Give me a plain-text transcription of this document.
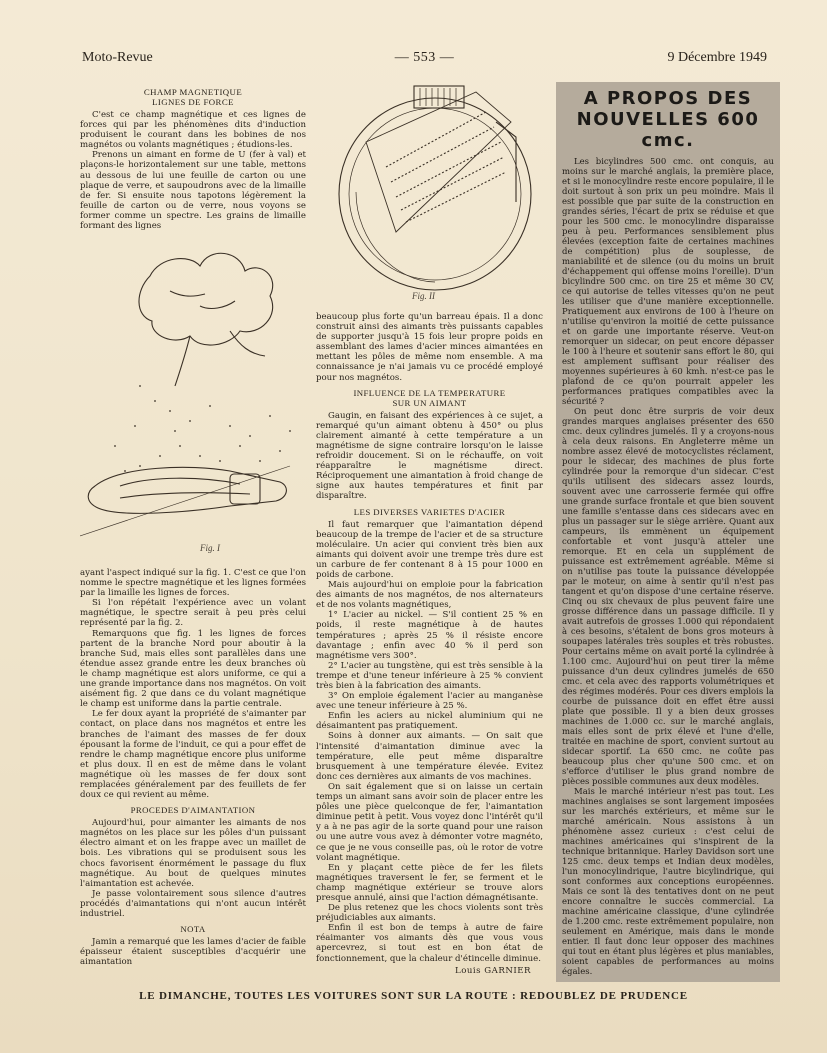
Moto-Revue	— 553 —	9 Décembre 1949
CHAMP MAGNETIQUE
LIGNES DE FORCE

C'est ce champ magnétique et ces lignes de forces qui par les phénomènes dits d'induction produisent le courant dans les bobines de nos magnétos ou volants magnétiques ; étudions-les.

Prenons un aimant en forme de U (fer à val) et plaçons-le horizontalement sur une table, mettons au dessous de lui une feuille de carton ou une plaque de verre, et saupoudrons avec de la limaille de fer. Si ensuite nous tapotons légèrement la feuille de carton ou de verre, nous voyons se former comme un spectre. Les grains de limaille formant des lignes

Fig. I

ayant l'aspect indiqué sur la fig. 1. C'est ce que l'on nomme le spectre magnétique et les lignes formées par la limaille les lignes de forces.

Si l'on répétait l'expérience avec un volant magnétique, le spectre serait à peu près celui représenté par la fig. 2.

Remarquons que fig. 1 les lignes de forces partent de la branche Nord pour aboutir à la branche Sud, mais elles sont parallèles dans une étendue assez grande entre les deux branches où le champ magnétique est alors uniforme, ce qui a une grande importance dans nos magnétos. On voit aisément fig. 2 que dans ce du volant magnétique le champ est uniforme dans la partie centrale.

Le fer doux ayant la propriété de s'aimanter par contact, on place dans nos magnétos et entre les branches de l'aimant des masses de fer doux épousant la forme de l'induit, ce qui a pour effet de rendre le champ magnétique encore plus uniforme et plus doux. Il en est de même dans le volant magnétique où les masses de fer doux sont remplacées généralement par des feuillets de fer doux ce qui revient au même.

PROCEDES D'AIMANTATION

Aujourd'hui, pour aimanter les aimants de nos magnétos on les place sur les pôles d'un puissant électro aimant et on les frappe avec un maillet de bois. Les vibrations qui se produisent sous les chocs favorisent énormément le passage du flux magnétique. Au bout de quelques minutes l'aimantation est achevée.

Je passe volontairement sous silence d'autres procédés d'aimantations qui n'ont aucun intérêt industriel.

NOTA

Jamin a remarqué que les lames d'acier de faible épaisseur étaient susceptibles d'acquérir une aimantation

Fig. II

beaucoup plus forte qu'un barreau épais. Il a donc construit ainsi des aimants très puissants capables de supporter jusqu'à 15 fois leur propre poids en assemblant des lames d'acier minces aimantées en mettant les pôles de même nom ensemble. A ma connaissance je n'ai jamais vu ce procédé employé pour nos magnétos.

INFLUENCE DE LA TEMPERATURE
SUR UN AIMANT

Gaugin, en faisant des expériences à ce sujet, a remarqué qu'un aimant obtenu à 450° ou plus clairement aimanté à cette température a un magnétisme de signe contraire lorsqu'on le laisse refroidir doucement. Si on le réchauffe, on voit réapparaître le magnétisme direct. Réciproquement une aimantation à froid change de signe aux hautes températures et finit par disparaître.

LES DIVERSES VARIETES D'ACIER

Il faut remarquer que l'aimantation dépend beaucoup de la trempe de l'acier et de sa structure moléculaire. Un acier qui convient très bien aux aimants qui doivent avoir une trempe très dure est un carbure de fer contenant 8 à 15 pour 1000 en poids de carbone.

Mais aujourd'hui on emploie pour la fabrication des aimants de nos magnétos, de nos alternateurs et de nos volants magnétiques,

1° L'acier au nickel. — S'il contient 25 % en poids, il reste magnétique à de hautes températures ; après 25 % il résiste encore davantage ; enfin avec 40 % il perd son magnétisme vers 300°.

2° L'acier au tungstène, qui est très sensible à la trempe et d'une teneur inférieure à 25 % convient très bien à la fabrication des aimants.

3° On emploie également l'acier au manganèse avec une teneur inférieure à 25 %.

Enfin les aciers au nickel aluminium qui ne désaimantent pas pratiquement.

Soins à donner aux aimants. — On sait que l'intensité d'aimantation diminue avec la température, elle peut même disparaître brusquement à une température élevée. Evitez donc ces dernières aux aimants de vos machines.

On sait également que si on laisse un certain temps un aimant sans avoir soin de placer entre les pôles une pièce quelconque de fer, l'aimantation diminue petit à petit. Vous voyez donc l'intérêt qu'il y a à ne pas agir de la sorte quand pour une raison ou une autre vous avez à démonter votre magnéto, ce que je ne vous conseille pas, où le rotor de votre volant magnétique.

En y plaçant cette pièce de fer les filets magnétiques traversent le fer, se ferment et le champ magnétique extérieur se trouve alors presque annulé, ainsi que l'action démagnétisante.

De plus retenez que les chocs violents sont très préjudiciables aux aimants.

Enfin il est bon de temps à autre de faire réaimanter vos aimants dès que vous vous apercevrez, si tout est en bon état de fonctionnement, que la chaleur d'étincelle diminue.

Louis GARNIER

A PROPOS DES
NOUVELLES 600 cmc.

Les bicylindres 500 cmc. ont conquis, au moins sur le marché anglais, la première place, et si le monocylindre reste encore populaire, il le doit surtout à son prix un peu moindre. Mais il est possible que par suite de la construction en grandes séries, l'écart de prix se réduise et que pour les 500 cmc. le monocylindre disparaisse peu à peu. Performances sensiblement plus élevées (exception faite de certaines machines de compétition) plus de souplesse, de maniabilité et de silence (ou du moins un bruit d'échappement qui offense moins l'oreille). D'un bicylindre 500 cmc. on tire 25 et même 30 CV, ce qui autorise de telles vitesses qu'on ne peut les utiliser que d'une manière exceptionnelle. Pratiquement aux environs de 100 à l'heure on n'utilise qu'environ la moitié de cette puissance et on garde une importante réserve. Veut-on remorquer un sidecar, on peut encore dépasser le 100 à l'heure et soutenir sans effort le 80, qui est amplement suffisant pour réaliser des moyennes supérieures à 60 kmh. n'est-ce pas le plafond de ce qu'on pourrait appeler les performances pratiques compatibles avec la sécurité ?

On peut donc être surpris de voir deux grandes marques anglaises présenter des 650 cmc. deux cylindres jumelés. Il y a croyons-nous à cela deux raisons. En Angleterre même un nombre assez élevé de motocyclistes réclament, pour le sidecar, des machines de plus forte cylindrée pour la remorque d'un sidecar. C'est qu'ils utilisent des sidecars assez lourds, souvent avec une carrosserie fermée qui offre une grande surface frontale et que bien souvent une famille s'entasse dans ces sidecars avec en plus un passager sur le siège arrière. Quant aux campeurs, ils emmènent un équipement confortable et vont jusqu'à atteler une remorque. Et en cela un supplément de puissance est extrêmement agréable. Même si on n'utilise pas toute la puissance développée par le moteur, on aime à sentir qu'il n'est pas tangent et qu'on dispose d'une certaine réserve. Cinq ou six chevaux de plus peuvent faire une grosse différence dans un passage difficile. Il y avait autrefois de grosses 1.000 qui répondaient à ces besoins, s'étalent de bons gros moteurs à soupapes latérales très souples et très robustes. Pour certains même on avait porté la cylindrée à 1.100 cmc. Aujourd'hui on peut tirer la même puissance d'un deux cylindres jumelés de 650 cmc. et cela avec des rapports volumétriques et des régimes modérés. Pour ces divers emplois la courbe de puissance doit en effet être aussi plate que possible. Il y a bien deux grosses machines de 1.000 cc. sur le marché anglais, mais elles sont de prix élevé et l'une d'elle, traitée en machine de sport, convient surtout au sidecar sportif. La 650 cmc. ne coûte pas beaucoup plus cher qu'une 500 cmc. et on s'efforce d'utiliser le plus grand nombre de pièces possible communes aux deux modèles.

Mais le marché intérieur n'est pas tout. Les machines anglaises se sont largement imposées sur les marchés extérieurs, et même sur le marché américain. Nous assistons à un phénomène assez curieux : c'est celui de machines américaines qui s'inspirent de la technique britannique. Harley Davidson sort une 125 cmc. deux temps et Indian deux modèles, l'un monocylindrique, l'autre bicylindrique, qui sont conformes aux conceptions européennes. Mais ce sont là des tentatives dont on ne peut encore connaître le succès commercial. La machine américaine classique, d'une cylindrée de 1.200 cmc. reste extrêmement populaire, non seulement en Amérique, mais dans le monde entier. Il faut donc leur opposer des machines qui tout en étant plus légères et plus maniables, soient capables de performances au moins égales.

LE DIMANCHE, TOUTES LES VOITURES SONT SUR LA ROUTE : REDOUBLEZ DE PRUDENCE
